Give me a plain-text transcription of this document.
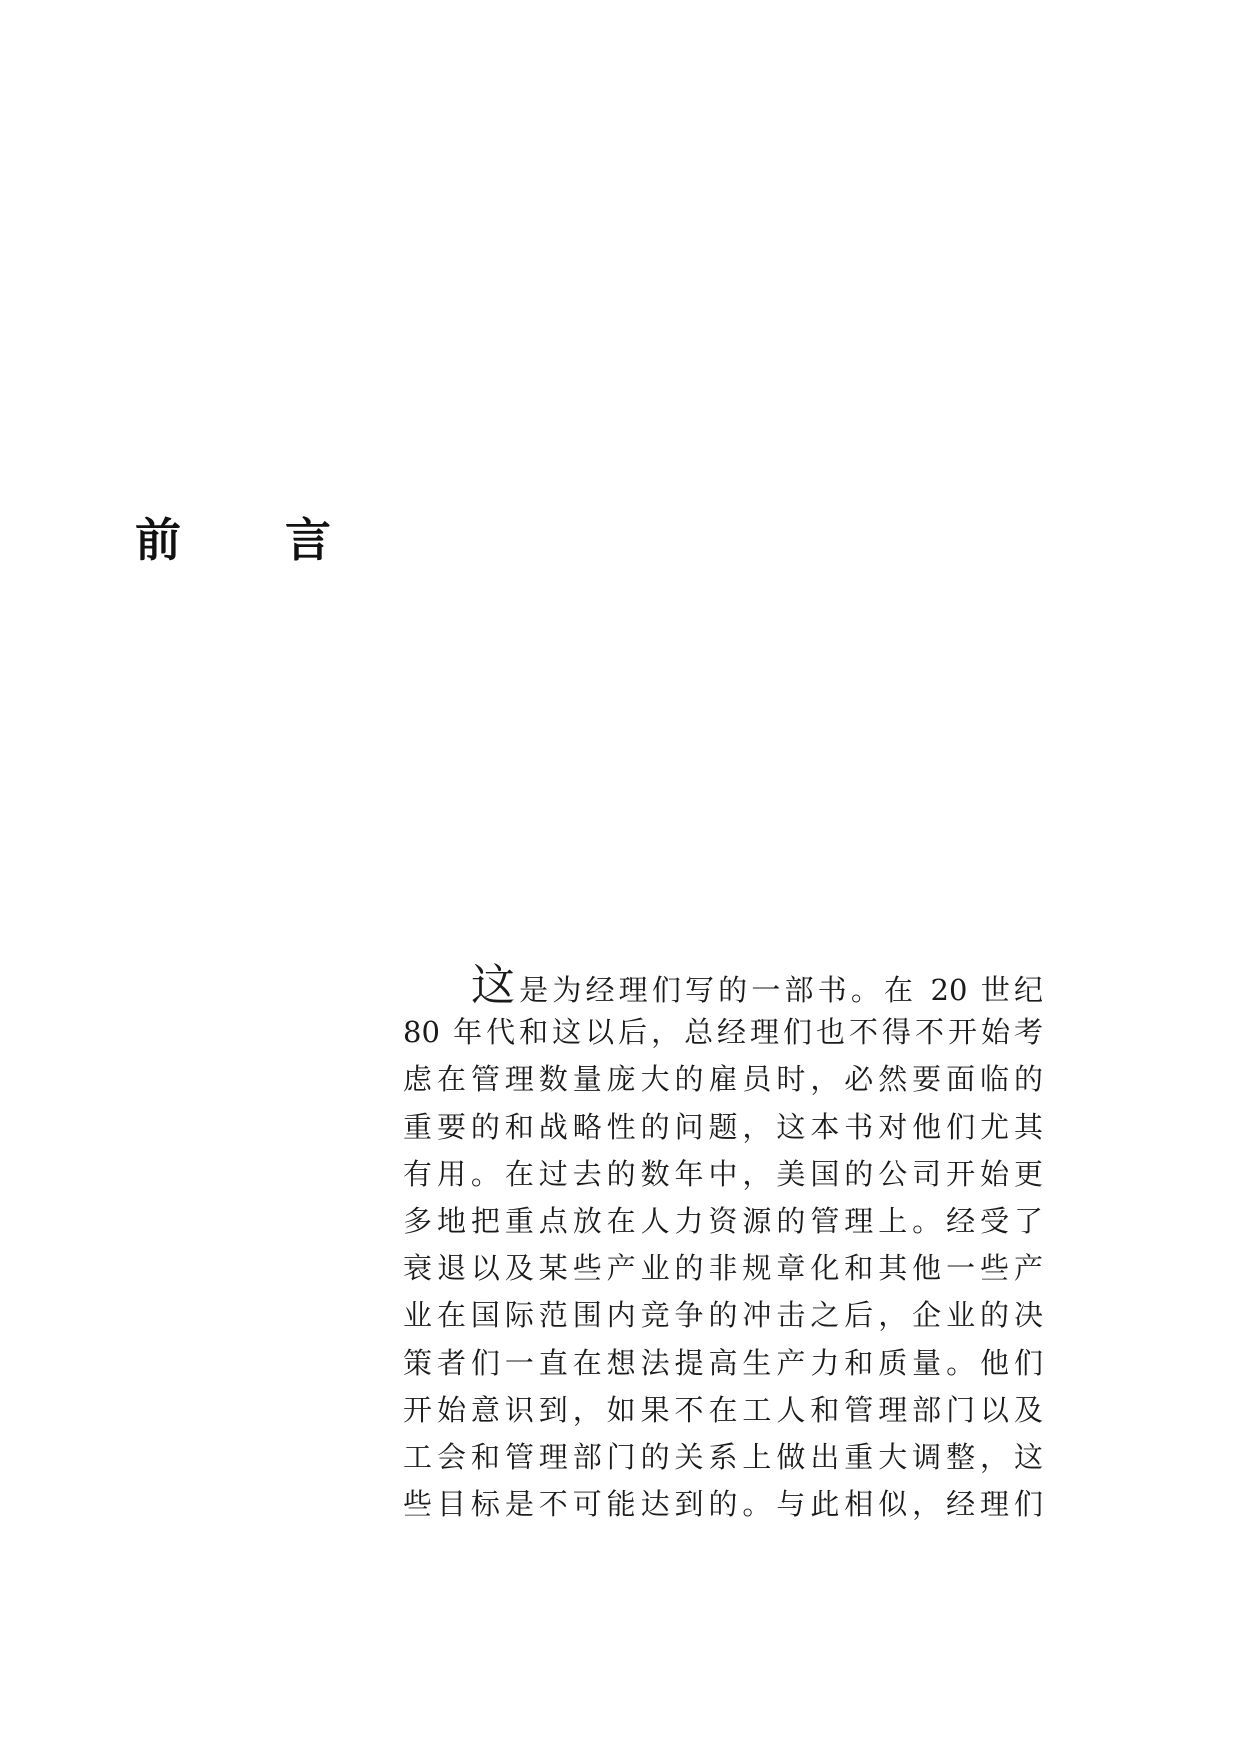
前	言
这是为经理们写的一部书。在 20 世纪
80 年代和这以后，总经理们也不得不开始考
虑在管理数量庞大的雇员时，必然要面临的
重要的和战略性的问题，这本书对他们尤其
有用。在过去的数年中，美国的公司开始更
多地把重点放在人力资源的管理上。经受了
衰退以及某些产业的非规章化和其他一些产
业在国际范围内竞争的冲击之后，企业的决
策者们一直在想法提高生产力和质量。他们
开始意识到，如果不在工人和管理部门以及
工会和管理部门的关系上做出重大调整，这
些目标是不可能达到的。与此相似，经理们
